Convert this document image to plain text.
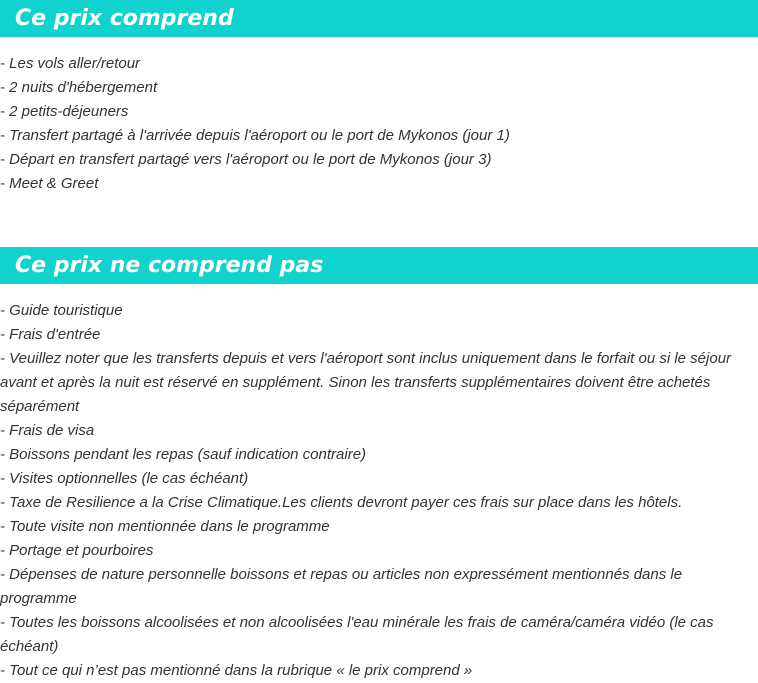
Ce prix comprend
- Les vols aller/retour
- 2 nuits d'hébergement
- 2 petits-déjeuners
- Transfert partagé à l'arrivée depuis l'aéroport ou le port de Mykonos (jour 1)
- Départ en transfert partagé vers l'aéroport ou le port de Mykonos (jour 3)
- Meet & Greet
Ce prix ne comprend pas
- Guide touristique
- Frais d'entrée
- Veuillez noter que les transferts depuis et vers l'aéroport sont inclus uniquement dans le forfait ou si le séjour avant et après la nuit est réservé en supplément. Sinon les transferts supplémentaires doivent être achetés séparément
- Frais de visa
- Boissons pendant les repas (sauf indication contraire)
- Visites optionnelles (le cas échéant)
- Taxe de Resilience a la Crise Climatique.Les clients devront payer ces frais sur place dans les hôtels.
- Toute visite non mentionnée dans le programme
- Portage et pourboires
- Dépenses de nature personnelle boissons et repas ou articles non expressément mentionnés dans le programme
- Toutes les boissons alcoolisées et non alcoolisées l'eau minérale les frais de caméra/caméra vidéo (le cas échéant)
- Tout ce qui n’est pas mentionné dans la rubrique « le prix comprend »
